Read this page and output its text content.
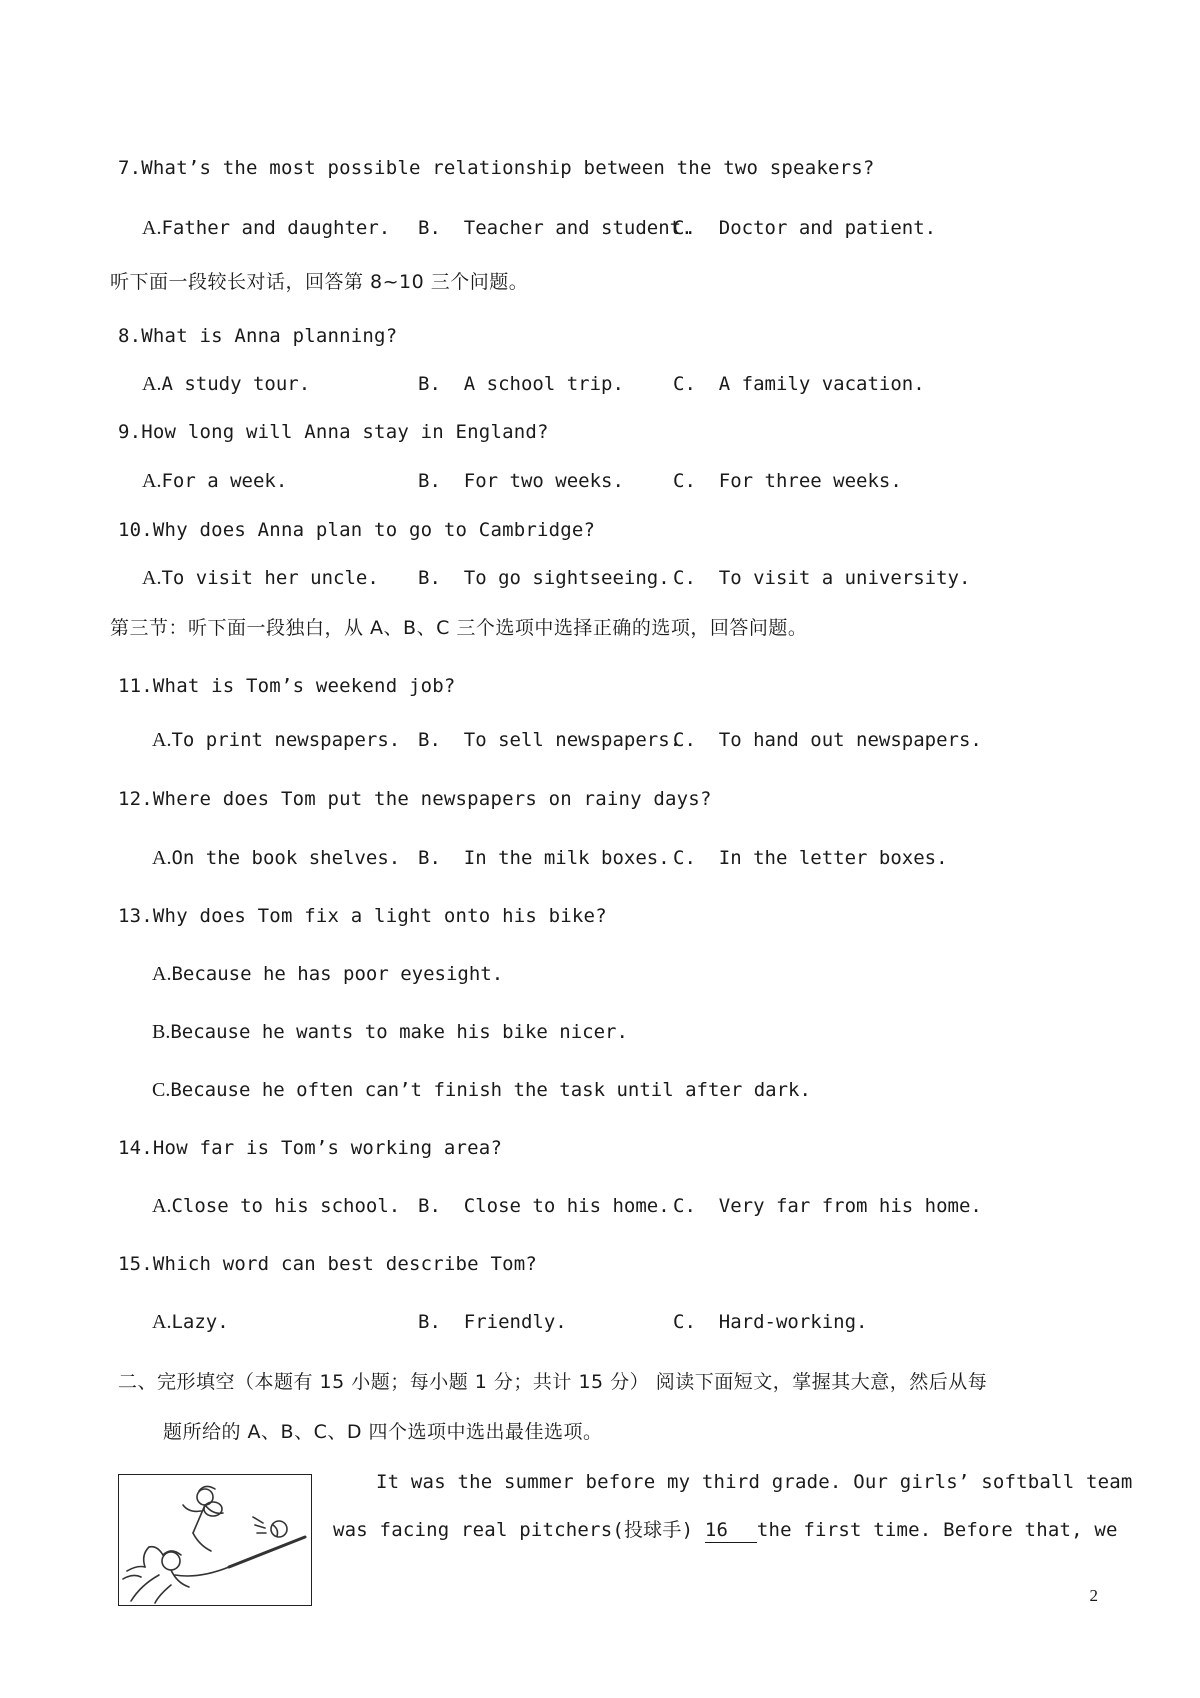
7.What’s the most possible relationship between the two speakers?
A.Father and daughter. B.  Teacher and student.
C.  Doctor and patient.
听下面一段较长对话，回答第 8~10 三个问题。
8.What is Anna planning?
A.A study tour.	B.  A school trip.	C.  A family vacation.
9.How long will Anna stay in England?
A.For a week.	B.  For two weeks.	C.  For three weeks.
10.Why does Anna plan to go to Cambridge?
A.To visit her uncle. B.  To go sightseeing. C.  To visit a university.
第三节：听下面一段独白，从 A、B、C 三个选项中选择正确的选项，回答问题。
11.What is Tom’s weekend job?
A.To print newspapers. B.  To sell newspapers.
C.  To hand out newspapers.
12.Where does Tom put the newspapers on rainy days?
A.On the book shelves. B.  In the milk boxes. C.  In the letter boxes.
13.Why does Tom fix a light onto his bike?
A.Because he has poor eyesight.
B.Because he wants to make his bike nicer.
C.Because he often can’t finish the task until after dark.
14.How far is Tom’s working area?
A.Close to his school. B.  Close to his home. C.  Very far from his home.
15.Which word can best describe Tom?
A.Lazy.	B.  Friendly.	C.  Hard-working.
二、完形填空（本题有 15 小题；每小题 1 分；共计 15 分） 阅读下面短文，掌握其大意，然后从每
题所给的 A、B、C、D 四个选项中选出最佳选项。
It was the summer before my third grade. Our girls’ softball team
was facing real pitchers(投球手) 16 the first time. Before that, we
2
